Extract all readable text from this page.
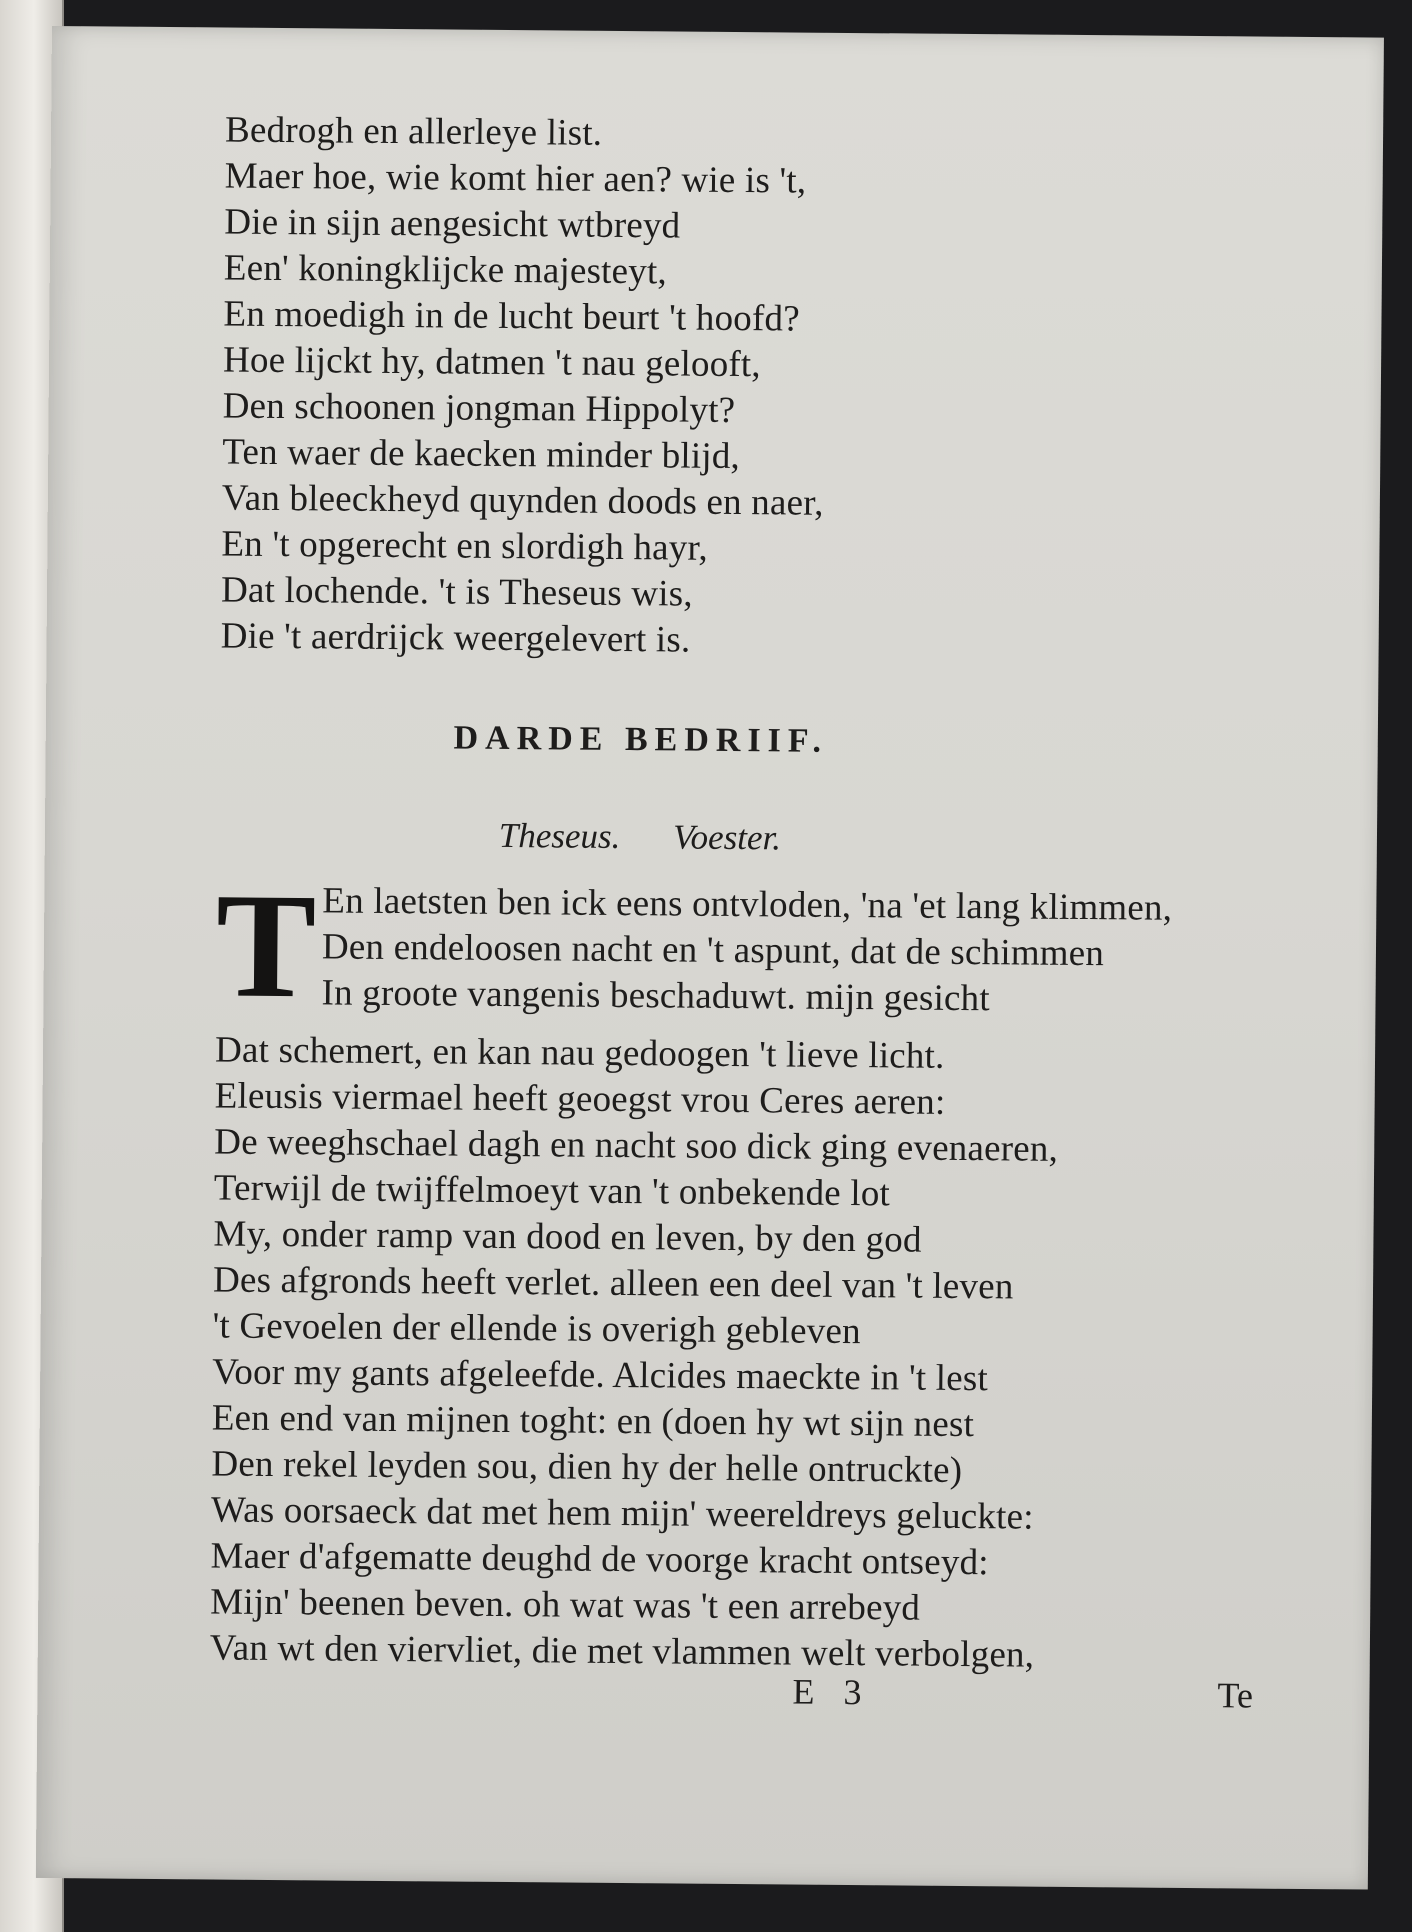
Bedrogh en allerleye list.
Maer hoe, wie komt hier aen? wie is 't,
Die in sijn aengesicht wtbreyd
Een' koningklijcke majesteyt,
En moedigh in de lucht beurt 't hoofd?
Hoe lijckt hy, datmen 't nau gelooft,
Den schoonen jongman Hippolyt?
Ten waer de kaecken minder blijd,
Van bleeckheyd quynden doods en naer,
En 't opgerecht en slordigh hayr,
Dat lochende. 't is Theseus wis,
Die 't aerdrijck weergelevert is.
DARDE BEDRIIF.
Theseus. Voester.
T En laetsten ben ick eens ontvloden, 'na 'et lang klimmen,
Den endeloosen nacht en 't aspunt, dat de schimmen
In groote vangenis beschaduwt. mijn gesicht
Dat schemert, en kan nau gedoogen 't lieve licht.
Eleusis viermael heeft geoegst vrou Ceres aeren:
De weeghschael dagh en nacht soo dick ging evenaeren,
Terwijl de twijffelmoeyt van 't onbekende lot
My, onder ramp van dood en leven, by den god
Des afgronds heeft verlet. alleen een deel van 't leven
't Gevoelen der ellende is overigh gebleven
Voor my gants afgeleefde. Alcides maeckte in 't lest
Een end van mijnen toght: en (doen hy wt sijn nest
Den rekel leyden sou, dien hy der helle ontruckte)
Was oorsaeck dat met hem mijn' weereldreys geluckte:
Maer d'afgematte deughd de voorge kracht ontseyd:
Mijn' beenen beven. oh wat was 't een arrebeyd
Van wt den viervliet, die met vlammen welt verbolgen,
E 3	Te
